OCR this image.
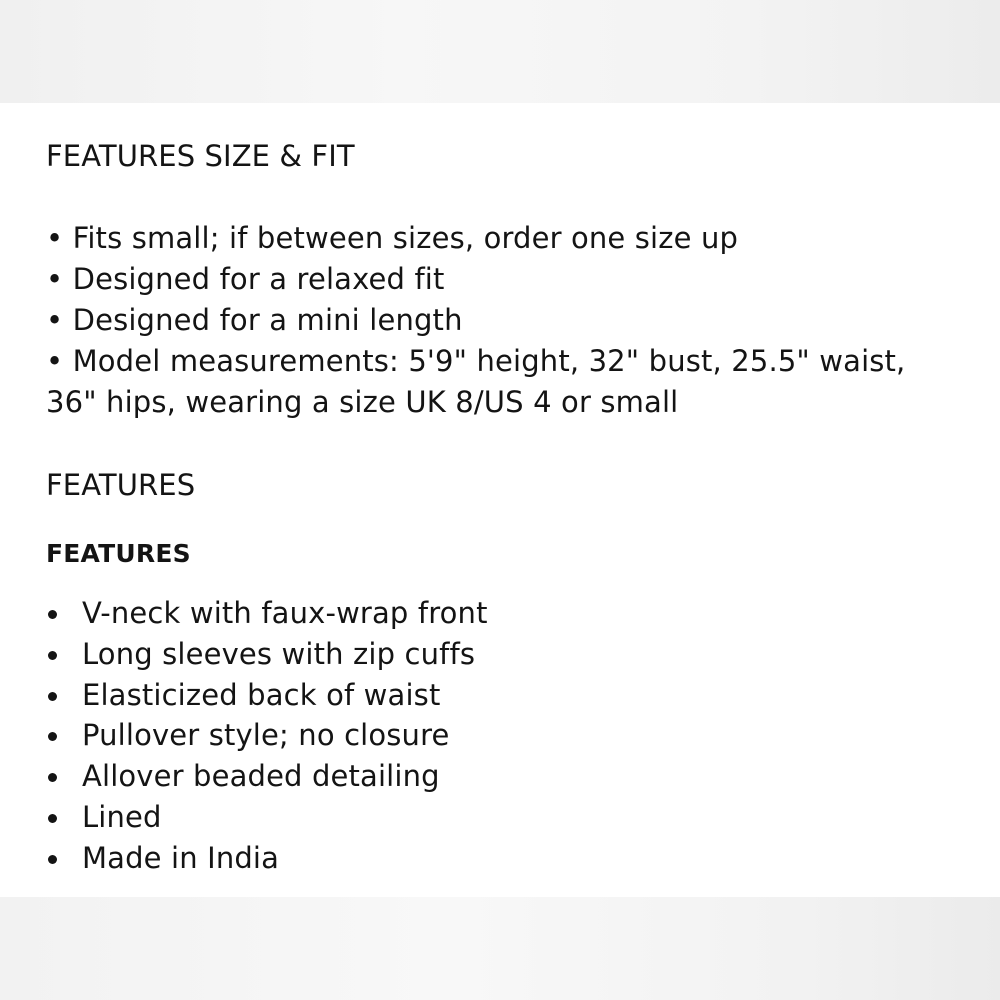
FEATURES SIZE & FIT
• Fits small; if between sizes, order one size up
• Designed for a relaxed fit
• Designed for a mini length
• Model measurements: 5'9" height, 32" bust, 25.5" waist, 36" hips, wearing a size UK 8/US 4 or small
FEATURES
FEATURES
V-neck with faux-wrap front
Long sleeves with zip cuffs
Elasticized back of waist
Pullover style; no closure
Allover beaded detailing
Lined
Made in India
